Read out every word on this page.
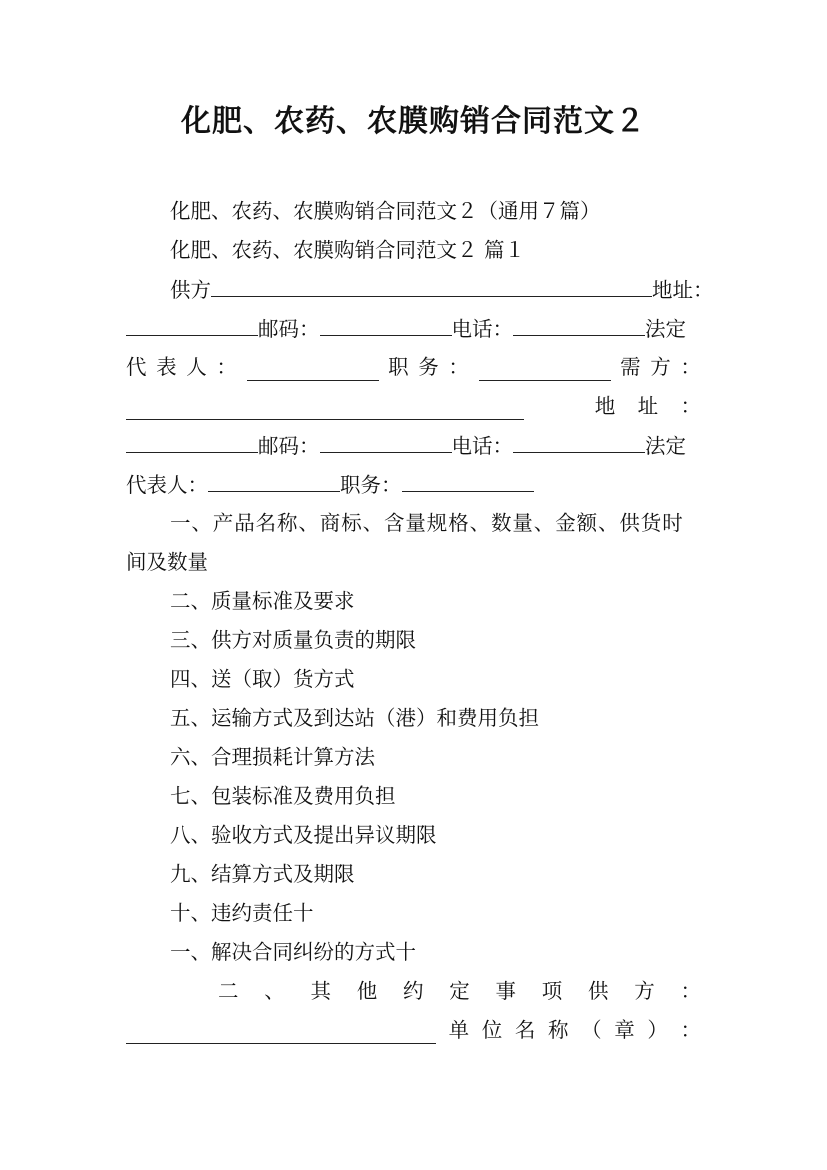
化肥、农药、农膜购销合同范文２
化肥、农药、农膜购销合同范文２（通用７篇）
化肥、农药、农膜购销合同范文２ 篇１
供方	地址：
邮码：	电话：	法定
代 表 人 ：	职 务 ：	需 方 ：
地 址 ：
邮码：	电话：	法定
代表人：	职务：
一、产品名称、商标、含量规格、数量、金额、供货时
间及数量
二、质量标准及要求
三、供方对质量负责的期限
四、送（取）货方式
五、运输方式及到达站（港）和费用负担
六、合理损耗计算方法
七、包装标准及费用负担
八、验收方式及提出异议期限
九、结算方式及期限
十、违约责任十
一、解决合同纠纷的方式十
二 、 其 他 约 定 事 项 供 方 ：
单 位 名 称 （ 章 ） ：
